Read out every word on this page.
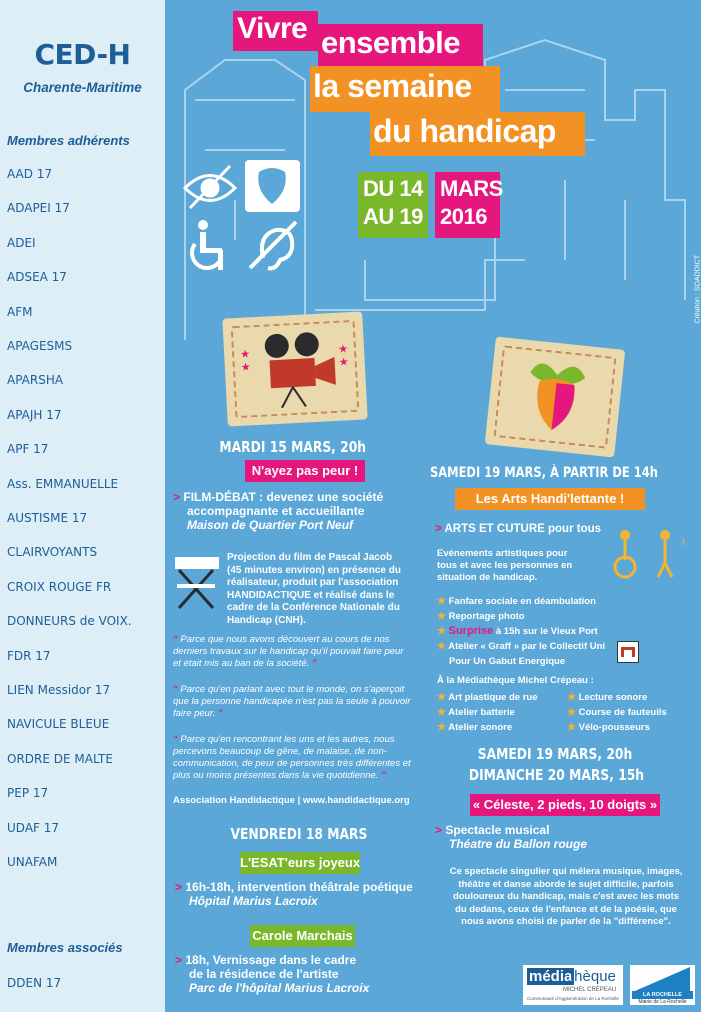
CED-H
Charente-Maritime
Membres adhérents
AAD 17
ADAPEI 17
ADEI
ADSEA 17
AFM
APAGESMS
APARSHA
APAJH 17
APF 17
Ass. EMMANUELLE
AUSTISME 17
CLAIRVOYANTS
CROIX ROUGE FR
DONNEURS de VOIX.
FDR 17
LIEN Messidor 17
NAVICULE BLEUE
ORDRE DE MALTE
PEP 17
UDAF 17
UNAFAM
Membres associés
DDEN 17
Vivre ensemble
la semaine
du handicap
DU 14
AU 19
MARS
2016
Création : SOADDICT
★
★
★
★
MARDI 15 MARS, 20h
N'ayez pas peur !
> FILM-DÉBAT : devenez une société
accompagnante et accueillante
Maison de Quartier Port Neuf
Projection du film de Pascal Jacob
(45 minutes environ) en présence du
réalisateur, produit par l'association
HANDIDACTIQUE et réalisé dans le
cadre de la Conférence Nationale du
Handicap (CNH).
“ Parce que nous avons découvert au cours de nos
derniers travaux sur le handicap qu'il pouvait faire peur
et était mis au ban de la société. ”
“ Parce qu'en parlant avec tout le monde, on s'aperçoit
que la personne handicapée n'est pas la seule à pouvoir
faire peur. ”
“ Parce qu'en rencontrant les uns et les autres, nous
percevons beaucoup de gêne, de malaise, de non-
communication, de peur de personnes très différentes et
plus ou moins présentes dans la vie quotidienne. ”
Association Handidactique | www.handidactique.org
VENDREDI 18 MARS
L'ESAT'eurs joyeux
> 16h-18h, intervention théâtrale poétique
Hôpital Marius Lacroix
Carole Marchais
> 18h, Vernissage dans le cadre
de la résidence de l'artiste
Parc de l'hôpital Marius Lacroix
SAMEDI 19 MARS, À PARTIR DE 14h
Les Arts Handi'lettante !
> ARTS ET CUTURE pour tous
Evénements artistiques pour
tous et avec les personnes en
situation de handicap.
♪
★ Fanfare sociale en déambulation
★ Reportage photo
★ Surprise à 15h sur le Vieux Port
★ Atelier « Graff » par le Collectif Uni
Pour Un Gabut Energique
À la Médiathèque Michel Crépeau :
★ Art plastique de rue
★ Atelier batterie
★ Atelier sonore
★ Lecture sonore
★ Course de fauteuils
★ Vélo-pousseurs
SAMEDI 19 MARS, 20h
DIMANCHE 20 MARS, 15h
« Céleste, 2 pieds, 10 doigts »
> Spectacle musical
Théatre du Ballon rouge
Ce spectacle singulier qui mêlera musique, images,
théâtre et danse aborde le sujet difficile, parfois
douloureux du handicap, mais c'est avec les mots
du dedans, ceux de l'enfance et de la poésie, que
nous avons choisi de parler de la "différence".
média
thèque
MICHEL CRÉPEAU
Communauté d'Agglomération de La Rochelle
LA ROCHELLE
Mairie de La Rochelle
